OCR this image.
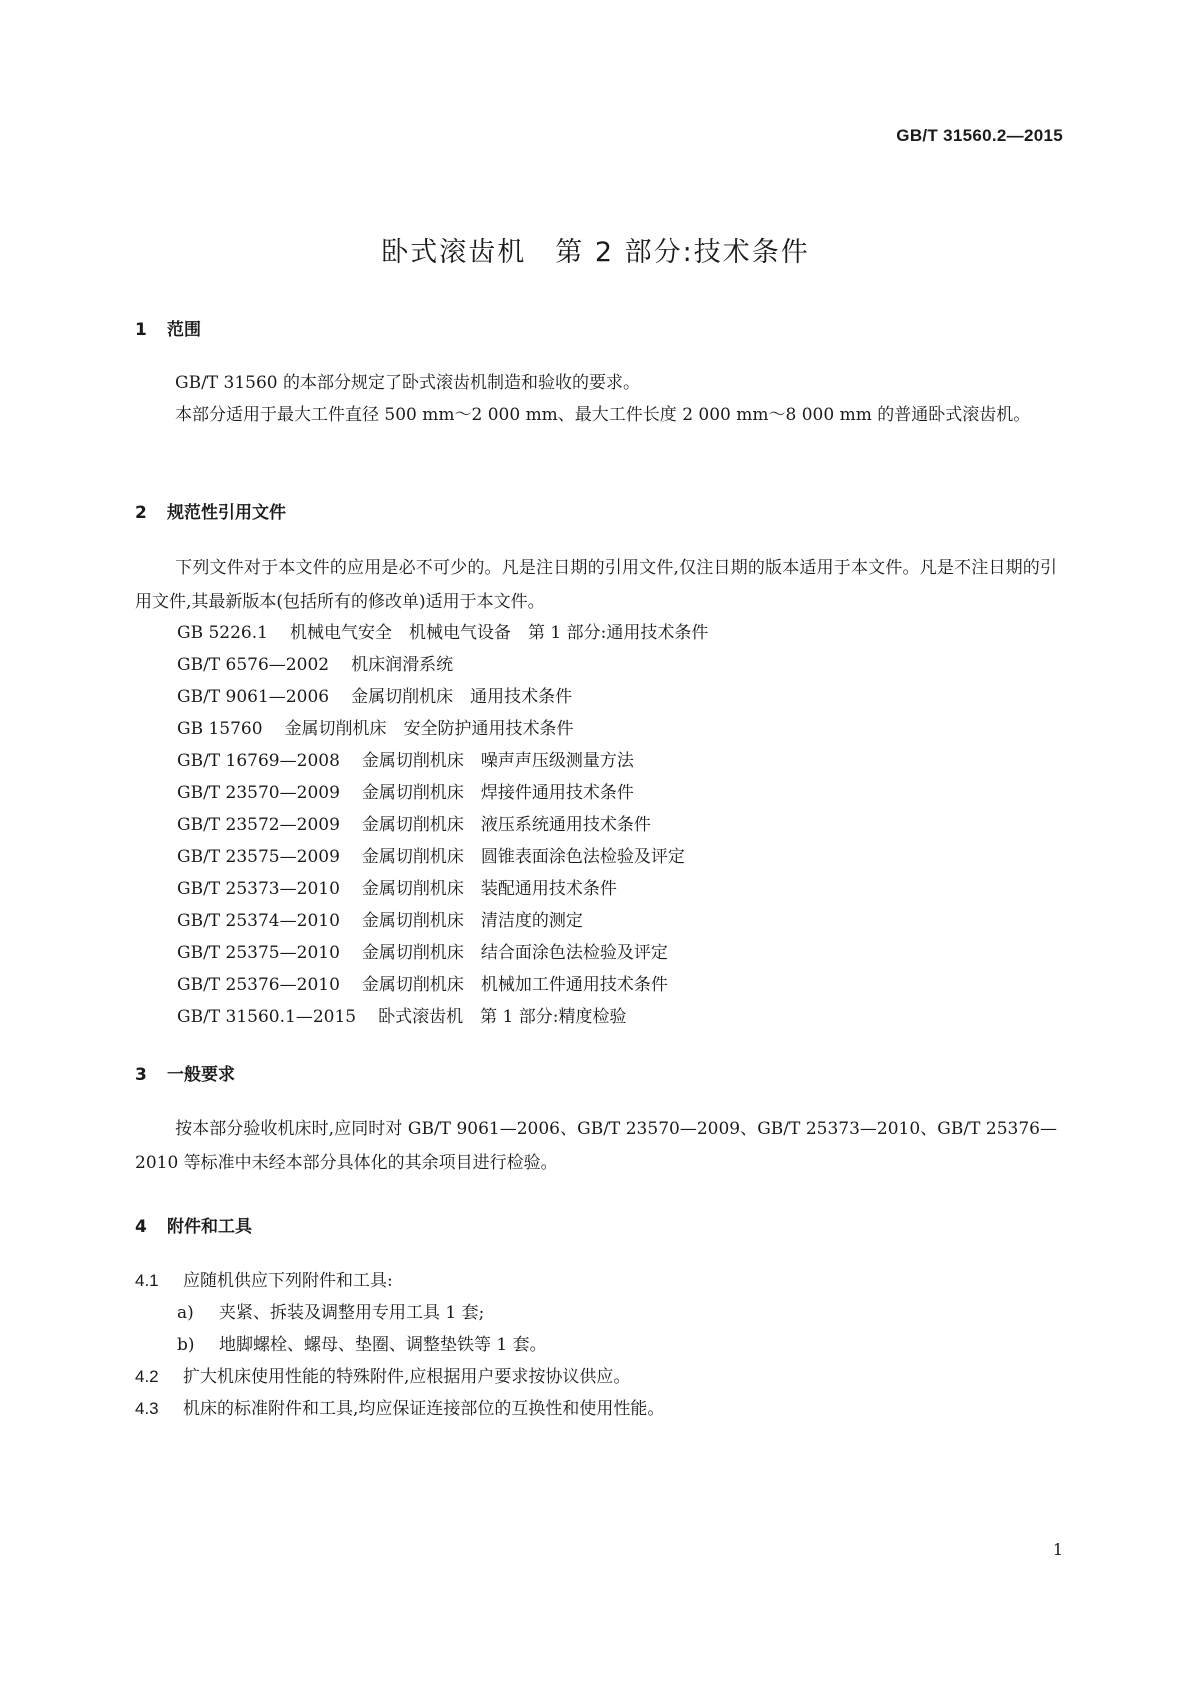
GB/T 31560.2—2015
卧式滚齿机　第 2 部分:技术条件
1 范围
GB/T 31560 的本部分规定了卧式滚齿机制造和验收的要求。
本部分适用于最大工件直径 500 mm～2 000 mm、最大工件长度 2 000 mm～8 000 mm 的普通卧式滚齿机。
2 规范性引用文件
下列文件对于本文件的应用是必不可少的。凡是注日期的引用文件,仅注日期的版本适用于本文件。凡是不注日期的引用文件,其最新版本(包括所有的修改单)适用于本文件。
GB 5226.1 机械电气安全　机械电气设备　第 1 部分:通用技术条件
GB/T 6576—2002 机床润滑系统
GB/T 9061—2006 金属切削机床　通用技术条件
GB 15760 金属切削机床　安全防护通用技术条件
GB/T 16769—2008 金属切削机床　噪声声压级测量方法
GB/T 23570—2009 金属切削机床　焊接件通用技术条件
GB/T 23572—2009 金属切削机床　液压系统通用技术条件
GB/T 23575—2009 金属切削机床　圆锥表面涂色法检验及评定
GB/T 25373—2010 金属切削机床　装配通用技术条件
GB/T 25374—2010 金属切削机床　清洁度的测定
GB/T 25375—2010 金属切削机床　结合面涂色法检验及评定
GB/T 25376—2010 金属切削机床　机械加工件通用技术条件
GB/T 31560.1—2015 卧式滚齿机　第 1 部分:精度检验
3 一般要求
按本部分验收机床时,应同时对 GB/T 9061—2006、GB/T 23570—2009、GB/T 25373—2010、GB/T 25376—2010 等标准中未经本部分具体化的其余项目进行检验。
4 附件和工具
4.1 应随机供应下列附件和工具:
a) 夹紧、拆装及调整用专用工具 1 套;
b) 地脚螺栓、螺母、垫圈、调整垫铁等 1 套。
4.2 扩大机床使用性能的特殊附件,应根据用户要求按协议供应。
4.3 机床的标准附件和工具,均应保证连接部位的互换性和使用性能。
1
